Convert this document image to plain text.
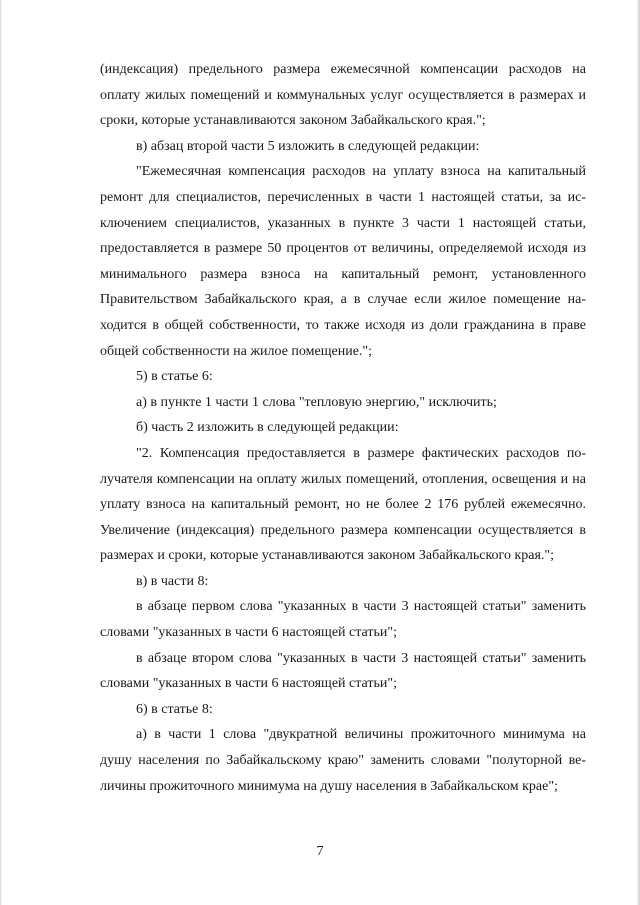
(индексация) предельного размера ежемесячной компенсации расходов на оплату жилых помещений и коммунальных услуг осуществляется в размерах и сроки, которые устанавливаются законом Забайкальского края.";

в) абзац второй части 5 изложить в следующей редакции:

"Ежемесячная компенсация расходов на уплату взноса на капитальный ремонт для специалистов, перечисленных в части 1 настоящей статьи, за исключением специалистов, указанных в пункте 3 части 1 настоящей статьи, предоставляется в размере 50 процентов от величины, определяемой исходя из минимального размера взноса на капитальный ремонт, установленного Правительством Забайкальского края, а в случае если жилое помещение находится в общей собственности, то также исходя из доли гражданина в праве общей собственности на жилое помещение.";

5) в статье 6:

а) в пункте 1 части 1 слова "тепловую энергию," исключить;

б) часть 2 изложить в следующей редакции:

"2. Компенсация предоставляется в размере фактических расходов получателя компенсации на оплату жилых помещений, отопления, освещения и на уплату взноса на капитальный ремонт, но не более 2 176 рублей ежемесячно. Увеличение (индексация) предельного размера компенсации осуществляется в размерах и сроки, которые устанавливаются законом Забайкальского края.";

в) в части 8:

в абзаце первом слова "указанных в части 3 настоящей статьи" заменить словами "указанных в части 6 настоящей статьи";

в абзаце втором слова "указанных в части 3 настоящей статьи" заменить словами "указанных в части 6 настоящей статьи";

6) в статье 8:

а) в части 1 слова "двукратной величины прожиточного минимума на душу населения по Забайкальскому краю" заменить словами "полуторной величины прожиточного минимума на душу населения в Забайкальском крае";

7
